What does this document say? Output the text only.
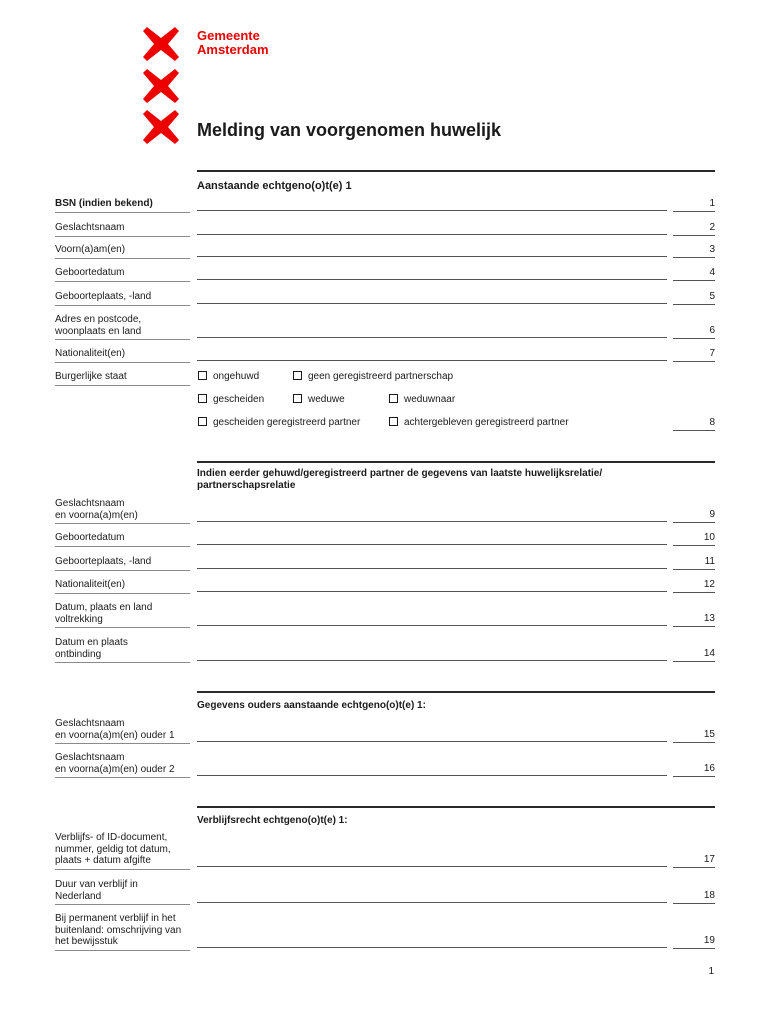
Gemeente
Amsterdam
Melding van voorgenomen huwelijk
Aanstaande echtgeno(o)t(e) 1
BSN (indien bekend)	1
Geslachtsnaam	2
Voorn(a)am(en)	3
Geboortedatum	4
Geboorteplaats, -land	5
Adres en postcode,
woonplaats en land	6
Nationaliteit(en)	7
Burgerlijke staat	ongehuwd	geen geregistreerd partnerschap
gescheiden	weduwe	weduwnaar
gescheiden geregistreerd partner	achtergebleven geregistreerd partner	8
Indien eerder gehuwd/geregistreerd partner de gegevens van laatste huwelijksrelatie/
partnerschapsrelatie
Geslachtsnaam
en voorna(a)m(en)	9
Geboortedatum	10
Geboorteplaats, -land	11
Nationaliteit(en)	12
Datum, plaats en land
voltrekking	13
Datum en plaats
ontbinding	14
Gegevens ouders aanstaande echtgeno(o)t(e) 1:
Geslachtsnaam
en voorna(a)m(en) ouder 1	15
Geslachtsnaam
en voorna(a)m(en) ouder 2	16
Verblijfsrecht echtgeno(o)t(e) 1:
Verblijfs- of ID-document,
nummer, geldig tot datum,
plaats + datum afgifte	17
Duur van verblijf in
Nederland	18
Bij permanent verblijf in het
buitenland: omschrijving van
het bewijsstuk	19
1
